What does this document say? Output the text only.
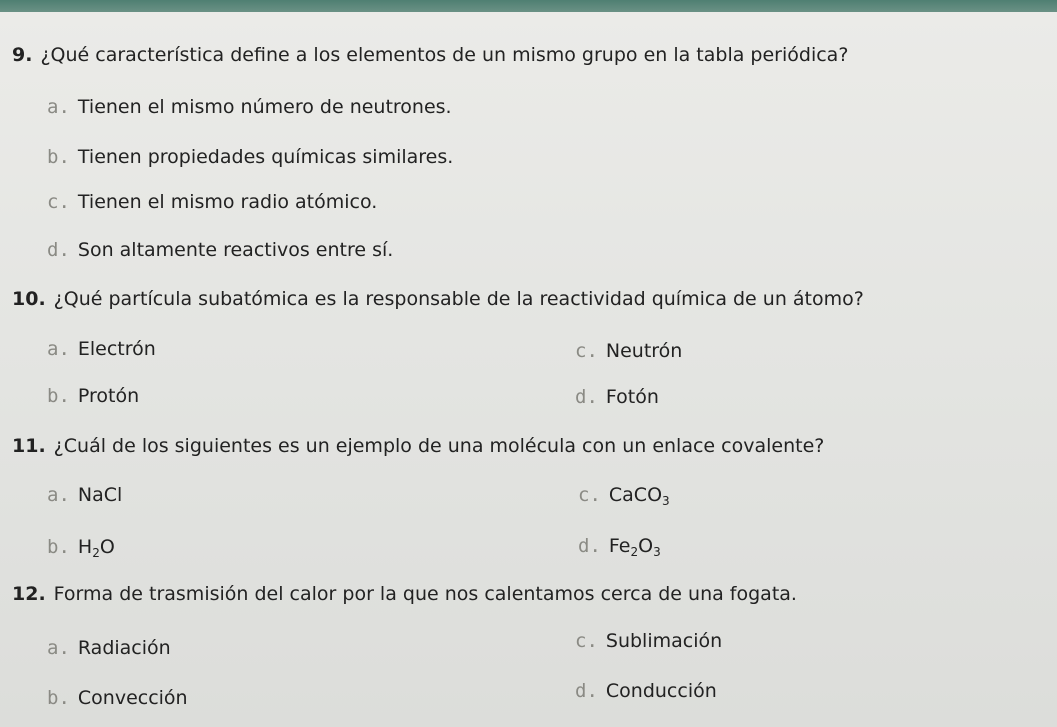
9. ¿Qué característica define a los elementos de un mismo grupo en la tabla periódica?
a. Tienen el mismo número de neutrones.
b. Tienen propiedades químicas similares.
c. Tienen el mismo radio atómico.
d. Son altamente reactivos entre sí.
10. ¿Qué partícula subatómica es la responsable de la reactividad química de un átomo?
a. Electrón
b. Protón
c. Neutrón
d. Fotón
11. ¿Cuál de los siguientes es un ejemplo de una molécula con un enlace covalente?
a. NaCl
b. $H_2O$
c. CaCO$_3$
d. $Fe_2O_3$
12. Forma de trasmisión del calor por la que nos calentamos cerca de una fogata.
a. Radiación
b. Convección
c. Sublimación
d. Conducción
